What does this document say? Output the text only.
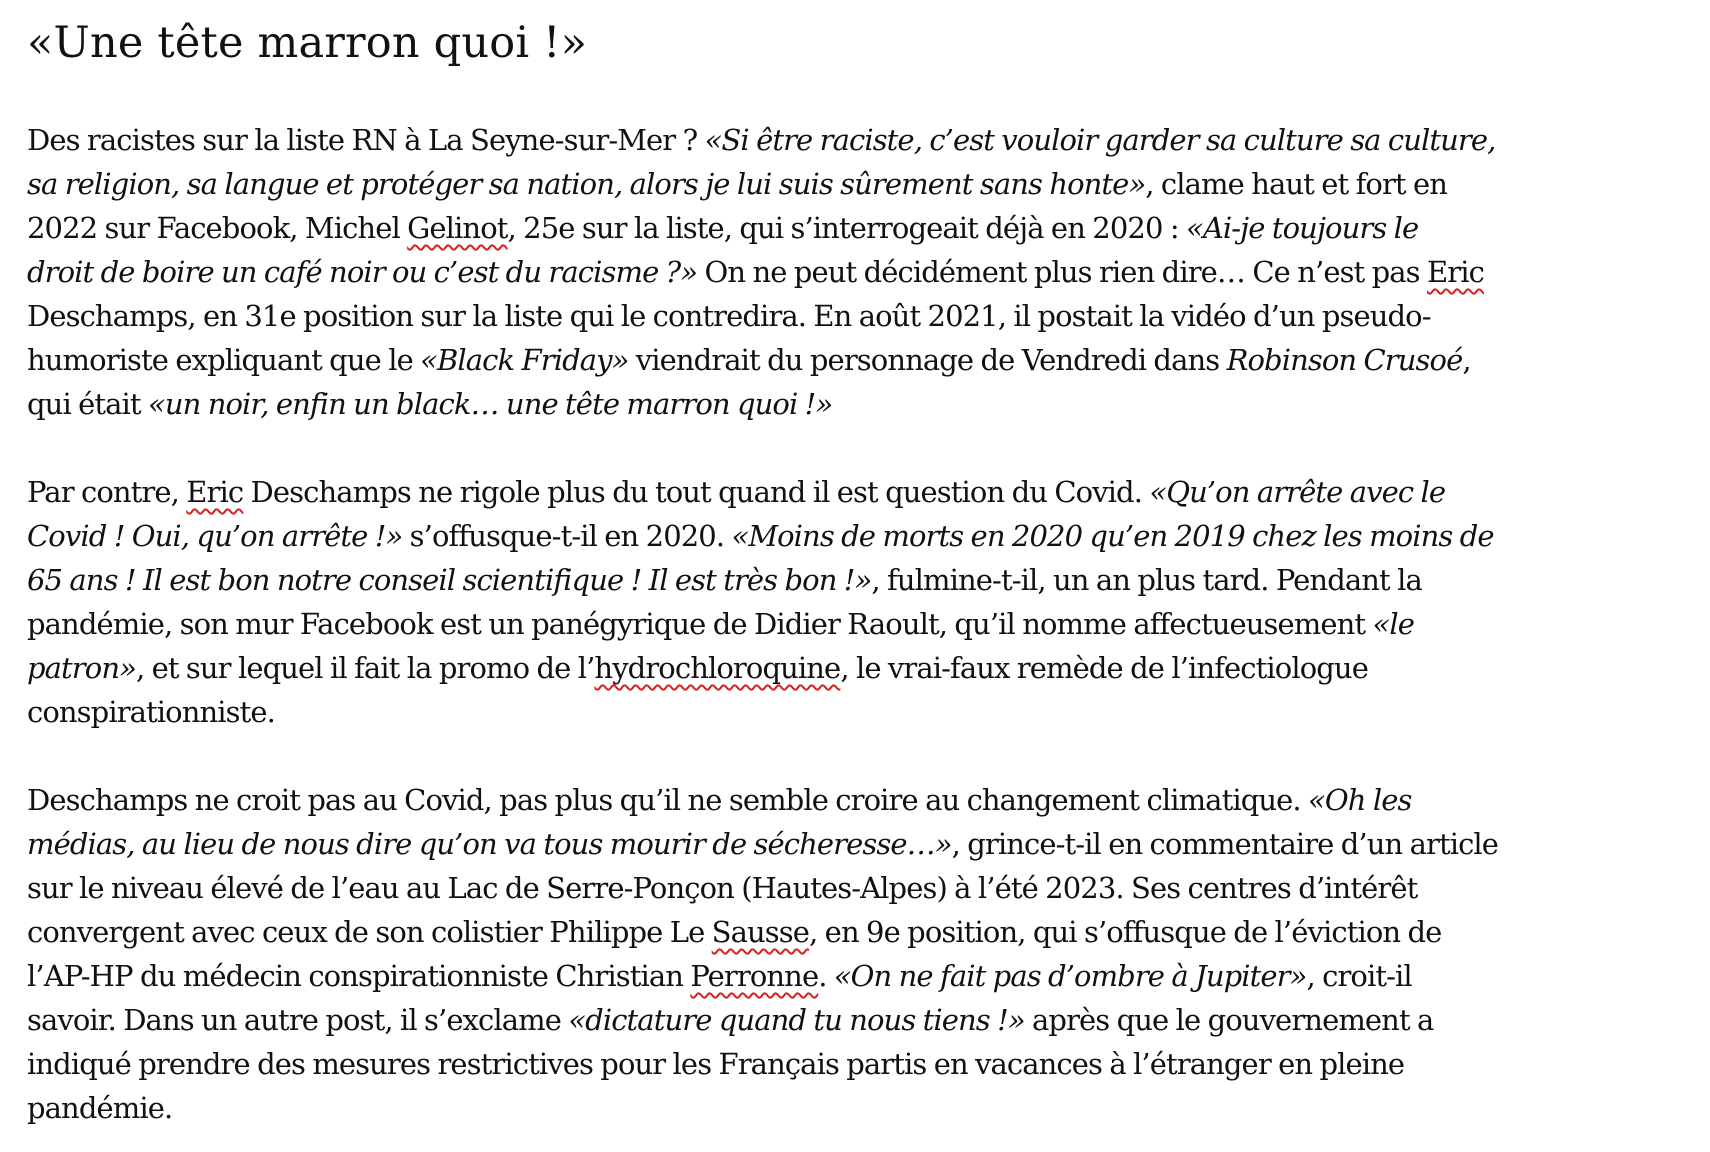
«Une tête marron quoi !»

Des racistes sur la liste RN à La Seyne-sur-Mer ? «Si être raciste, c’est vouloir garder sa culture sa culture,
sa religion, sa langue et protéger sa nation, alors je lui suis sûrement sans honte», clame haut et fort en
2022 sur Facebook, Michel Gelinot, 25e sur la liste, qui s’interrogeait déjà en 2020 : «Ai-je toujours le
droit de boire un café noir ou c’est du racisme ?» On ne peut décidément plus rien dire… Ce n’est pas Eric
Deschamps, en 31e position sur la liste qui le contredira. En août 2021, il postait la vidéo d’un pseudo-
humoriste expliquant que le «Black Friday» viendrait du personnage de Vendredi dans Robinson Crusoé,
qui était «un noir, enfin un black… une tête marron quoi !»

Par contre, Eric Deschamps ne rigole plus du tout quand il est question du Covid. «Qu’on arrête avec le
Covid ! Oui, qu’on arrête !» s’offusque-t-il en 2020. «Moins de morts en 2020 qu’en 2019 chez les moins de
65 ans ! Il est bon notre conseil scientifique ! Il est très bon !», fulmine-t-il, un an plus tard. Pendant la
pandémie, son mur Facebook est un panégyrique de Didier Raoult, qu’il nomme affectueusement «le
patron», et sur lequel il fait la promo de l’hydrochloroquine, le vrai-faux remède de l’infectiologue
conspirationniste.

Deschamps ne croit pas au Covid, pas plus qu’il ne semble croire au changement climatique. «Oh les
médias, au lieu de nous dire qu’on va tous mourir de sécheresse…», grince-t-il en commentaire d’un article
sur le niveau élevé de l’eau au Lac de Serre-Ponçon (Hautes-Alpes) à l’été 2023. Ses centres d’intérêt
convergent avec ceux de son colistier Philippe Le Sausse, en 9e position, qui s’offusque de l’éviction de
l’AP-HP du médecin conspirationniste Christian Perronne. «On ne fait pas d’ombre à Jupiter», croit-il
savoir. Dans un autre post, il s’exclame «dictature quand tu nous tiens !» après que le gouvernement a
indiqué prendre des mesures restrictives pour les Français partis en vacances à l’étranger en pleine
pandémie.
